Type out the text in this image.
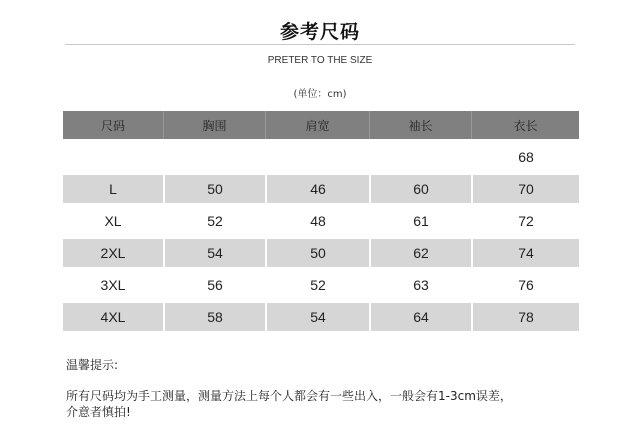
参考尺码
PRETER TO THE SIZE
(单位：cm)
尺码	胸围	肩宽	袖长	衣长
				68
L	50	46	60	70
XL	52	48	61	72
2XL	54	50	62	74
3XL	56	52	63	76
4XL	58	54	64	78
温馨提示:

所有尺码均为手工测量，测量方法上每个人都会有一些出入，一般会有1-3cm误差，

介意者慎拍!
